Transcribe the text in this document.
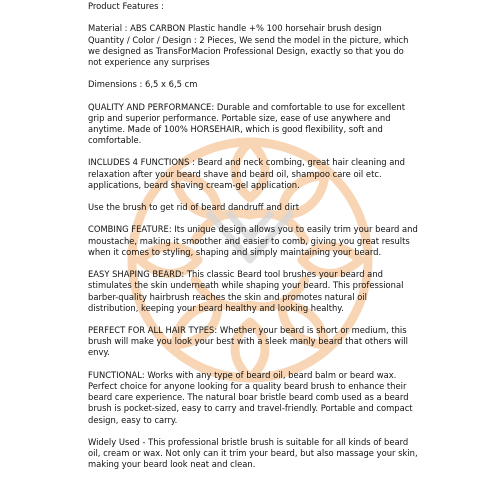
Product Features :

Material : ABS CARBON Plastic handle +% 100 horsehair brush design
Quantity / Color / Design : 2 Pieces, We send the model in the picture, which we designed as TransForMacion Professional Design, exactly so that you do not experience any surprises

Dimensions : 6,5 x 6,5 cm

QUALITY AND PERFORMANCE: Durable and comfortable to use for excellent grip and superior performance. Portable size, ease of use anywhere and anytime. Made of 100% HORSEHAIR, which is good flexibility, soft and comfortable.

INCLUDES 4 FUNCTIONS : Beard and neck combing, great hair cleaning and relaxation after your beard shave and beard oil, shampoo care oil etc. applications, beard shaving cream-gel application.

Use the brush to get rid of beard dandruff and dirt

COMBING FEATURE: Its unique design allows you to easily trim your beard and moustache, making it smoother and easier to comb, giving you great results when it comes to styling, shaping and simply maintaining your beard.

EASY SHAPING BEARD: This classic Beard tool brushes your beard and stimulates the skin underneath while shaping your beard. This professional barber-quality hairbrush reaches the skin and promotes natural oil distribution, keeping your beard healthy and looking healthy.

PERFECT FOR ALL HAIR TYPES: Whether your beard is short or medium, this brush will make you look your best with a sleek manly beard that others will envy.

FUNCTIONAL: Works with any type of beard oil, beard balm or beard wax. Perfect choice for anyone looking for a quality beard brush to enhance their beard care experience. The natural boar bristle beard comb used as a beard brush is pocket-sized, easy to carry and travel-friendly. Portable and compact design, easy to carry.

Widely Used - This professional bristle brush is suitable for all kinds of beard oil, cream or wax. Not only can it trim your beard, but also massage your skin, making your beard look neat and clean.
